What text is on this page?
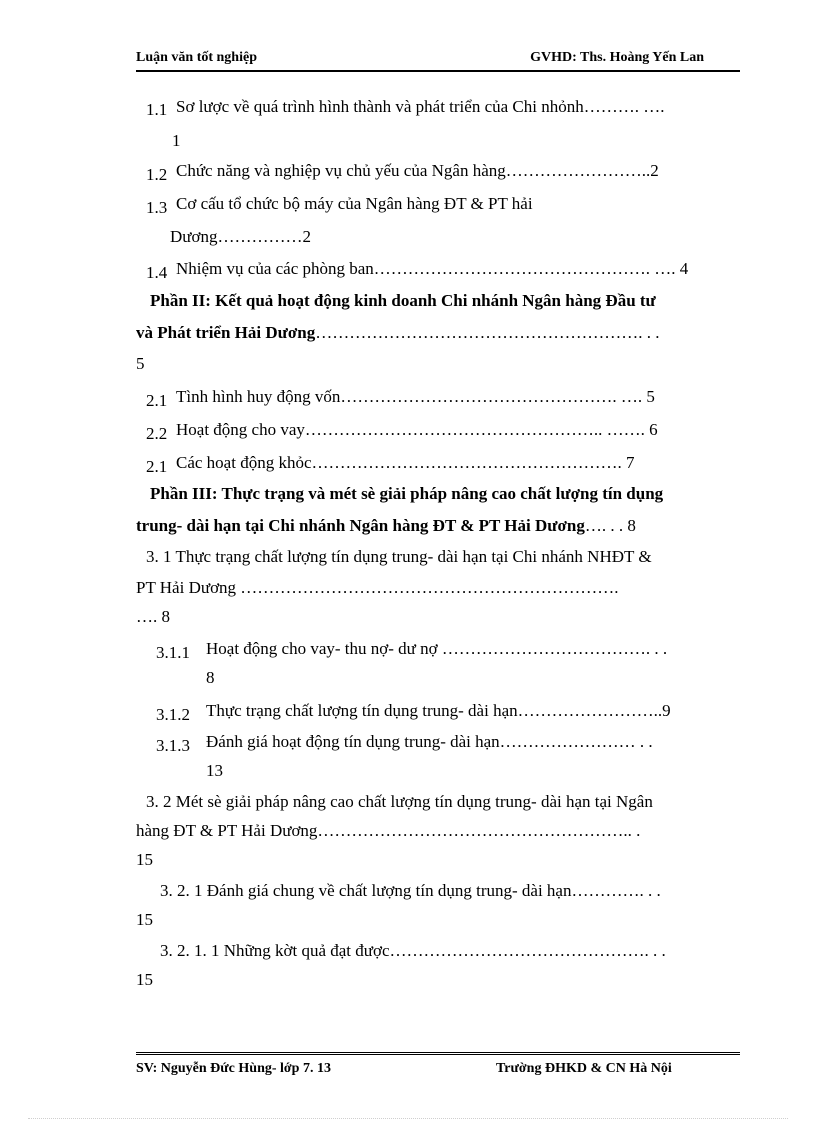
Luận văn tốt nghiệp	GVHD: Ths. Hoàng Yến Lan
1.1 Sơ lược về quá trình hình thành và phát triển của Chi nhỏnh………. ….
1
1.2 Chức năng và nghiệp vụ chủ yếu của Ngân hàng……………………..2
1.3 Cơ cấu tổ chức bộ máy của Ngân hàng ĐT & PT hải
Dương……………2
1.4 Nhiệm vụ của các phòng ban…………………………………………. …. 4
Phần II: Kết quả hoạt động kinh doanh Chi nhánh Ngân hàng Đầu tư
và Phát triển Hải Dương…………………………………………………. . .
5
2.1 Tình hình huy động vốn…………………………………………. …. 5
2.2 Hoạt động cho vay…………………………………………….. ……. 6
2.1 Các hoạt động khỏc………………………………………………. 7
Phần III: Thực trạng và mét sè giải pháp nâng cao chất lượng tín dụng
trung- dài hạn tại Chi nhánh Ngân hàng ĐT & PT Hải Dương…. . . 8
3. 1 Thực trạng chất lượng tín dụng trung- dài hạn tại Chi nhánh NHĐT &
PT Hải Dương ………………………………………………………….
…. 8
3.1.1 Hoạt động cho vay- thu nợ- dư nợ ………………………………. . .
8
3.1.2 Thực trạng chất lượng tín dụng trung- dài hạn……………………..9
3.1.3 Đánh giá hoạt động tín dụng trung- dài hạn…………………… . .
13
3. 2 Mét sè giải pháp nâng cao chất lượng tín dụng trung- dài hạn tại Ngân
hàng ĐT & PT Hải Dương……………………………………………….. .
15
3. 2. 1 Đánh giá chung về chất lượng tín dụng trung- dài hạn…………. . .
15
3. 2. 1. 1 Những kờt quả đạt được………………………………………. . .
15
SV: Nguyễn Đức Hùng- lớp 7. 13	Trường ĐHKD & CN Hà Nội
